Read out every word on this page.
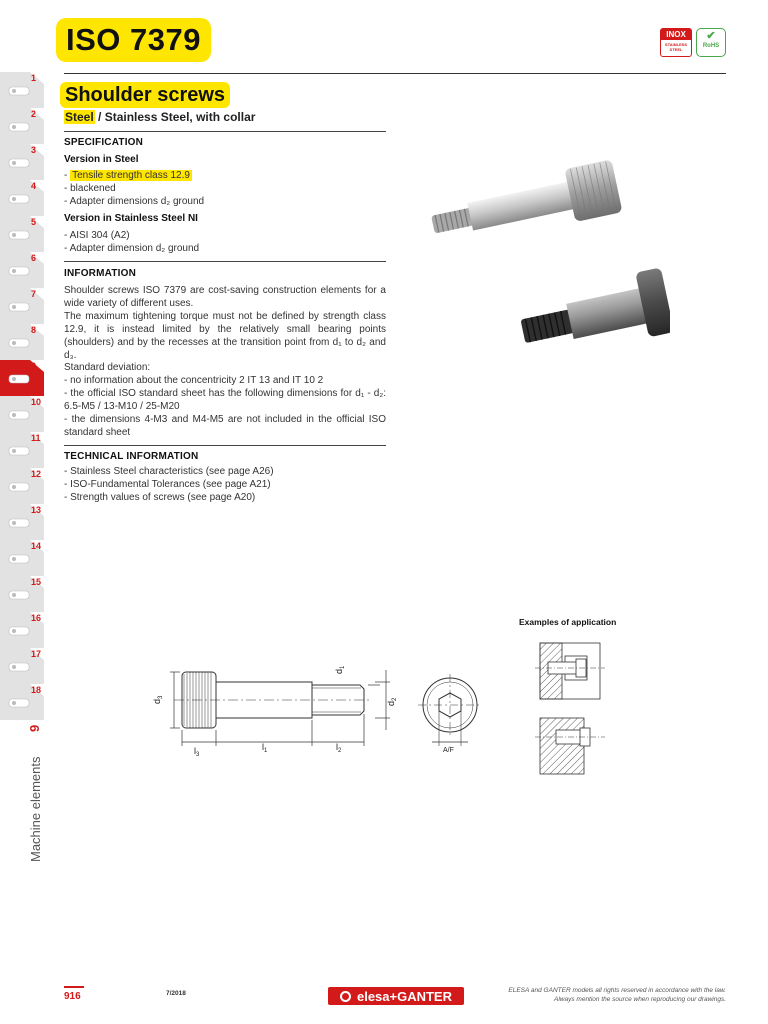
ISO 7379	INOX
STAINLESS STEEL
✔
RoHS
1
2
3
4
5
6
7
8
9
10
11
12
13
14
15
16
17
18
9
Machine elements
Shoulder screws
Steel / Stainless Steel, with collar
SPECIFICATION
Version in Steel
- Tensile strength class 12.9
- blackened
- Adapter dimensions d₂ ground
Version in Stainless Steel NI
- AISI 304 (A2)
- Adapter dimension d₂ ground
INFORMATION
Shoulder screws ISO 7379 are cost-saving construction elements for a wide variety of different uses.
The maximum tightening torque must not be defined by strength class 12.9, it is instead limited by the relatively small bearing points (shoulders) and by the recesses at the transition point from d₁ to d₂ and d₃.
Standard deviation:
- no information about the concentricity 2 IT 13 and IT 10 2
- the official ISO standard sheet has the following dimensions for d₁ - d₂: 6.5-M5 / 13-M10 / 25-M20
- the dimensions 4-M3 and M4-M5 are not included in the official ISO standard sheet
TECHNICAL INFORMATION
- Stainless Steel characteristics (see page A26)
- ISO-Fundamental Tolerances (see page A21)
- Strength values of screws (see page A20)
$d_3$
$d_1$
$d_2$
$l_3$
$l_1$	$l_2$	A/F
Examples of application
916	7/2018	elesa+GANTER	ELESA and GANTER models all rights reserved in accordance with the law.
Always mention the source when reproducing our drawings.
